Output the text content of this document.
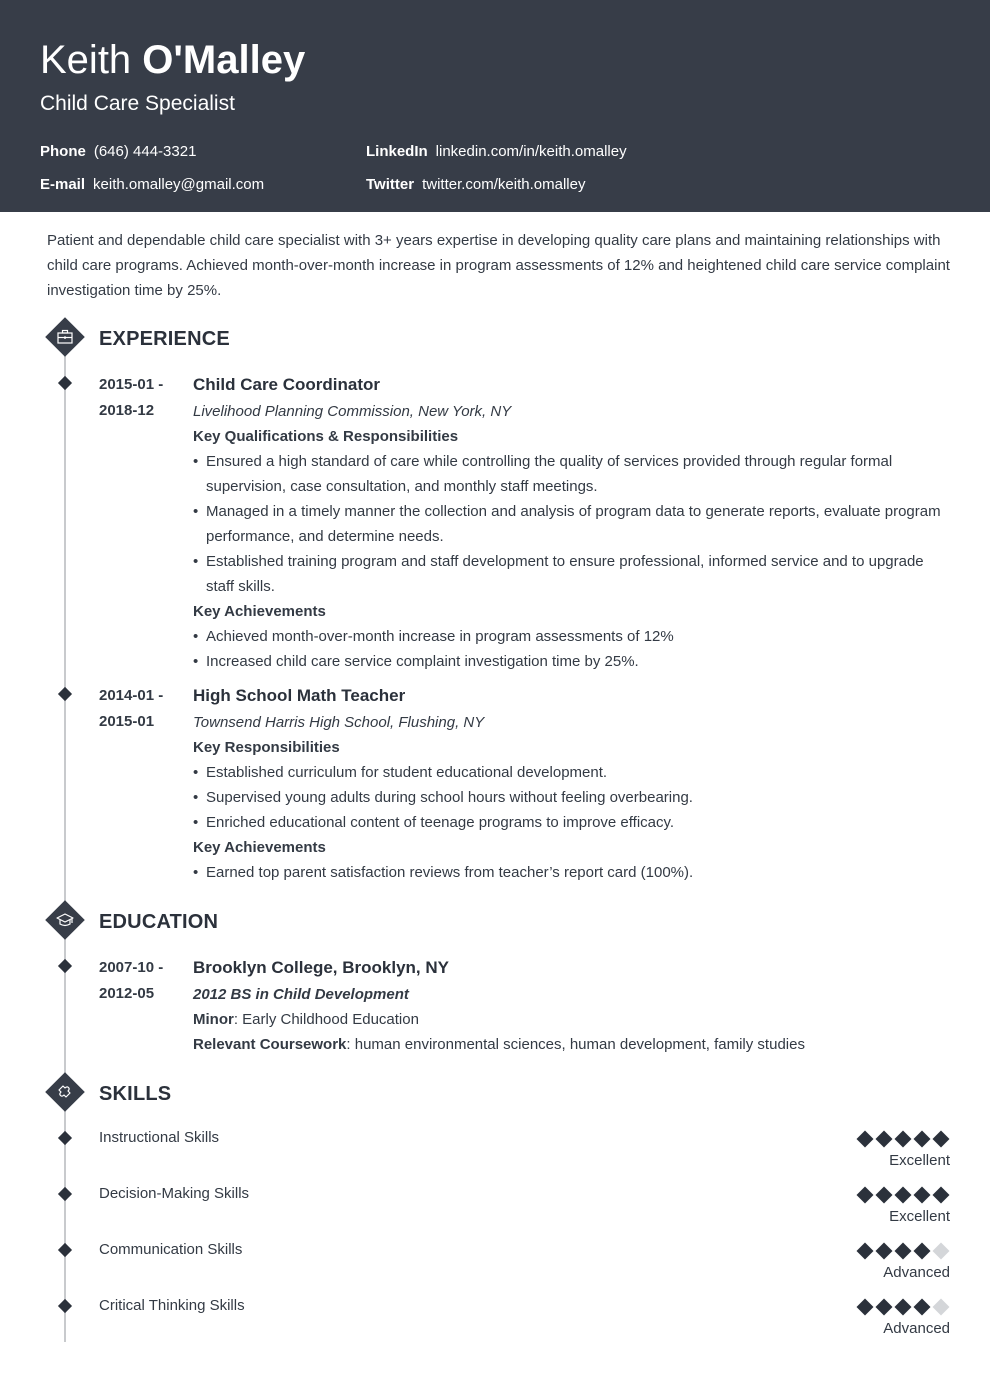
Keith O'Malley
Child Care Specialist
Phone (646) 444-3321
E-mail keith.omalley@gmail.com
LinkedIn linkedin.com/in/keith.omalley
Twitter twitter.com/keith.omalley
Patient and dependable child care specialist with 3+ years expertise in developing quality care plans and maintaining relationships with child care programs. Achieved month-over-month increase in program assessments of 12% and heightened child care service complaint investigation time by 25%.
EXPERIENCE
2015-01 -
2018-12
Child Care Coordinator
Livelihood Planning Commission, New York, NY
Key Qualifications & Responsibilities
• Ensured a high standard of care while controlling the quality of services provided through regular formal supervision, case consultation, and monthly staff meetings.
• Managed in a timely manner the collection and analysis of program data to generate reports, evaluate program performance, and determine needs.
• Established training program and staff development to ensure professional, informed service and to upgrade staff skills.
Key Achievements
• Achieved month-over-month increase in program assessments of 12%
• Increased child care service complaint investigation time by 25%.
2014-01 -
2015-01
High School Math Teacher
Townsend Harris High School, Flushing, NY
Key Responsibilities
• Established curriculum for student educational development.
• Supervised young adults during school hours without feeling overbearing.
• Enriched educational content of teenage programs to improve efficacy.
Key Achievements
• Earned top parent satisfaction reviews from teacher’s report card (100%).
EDUCATION
2007-10 -
2012-05
Brooklyn College, Brooklyn, NY
2012 BS in Child Development
Minor: Early Childhood Education
Relevant Coursework: human environmental sciences, human development, family studies
SKILLS
Instructional Skills
Excellent
Decision-Making Skills
Excellent
Communication Skills
Advanced
Critical Thinking Skills
Advanced
